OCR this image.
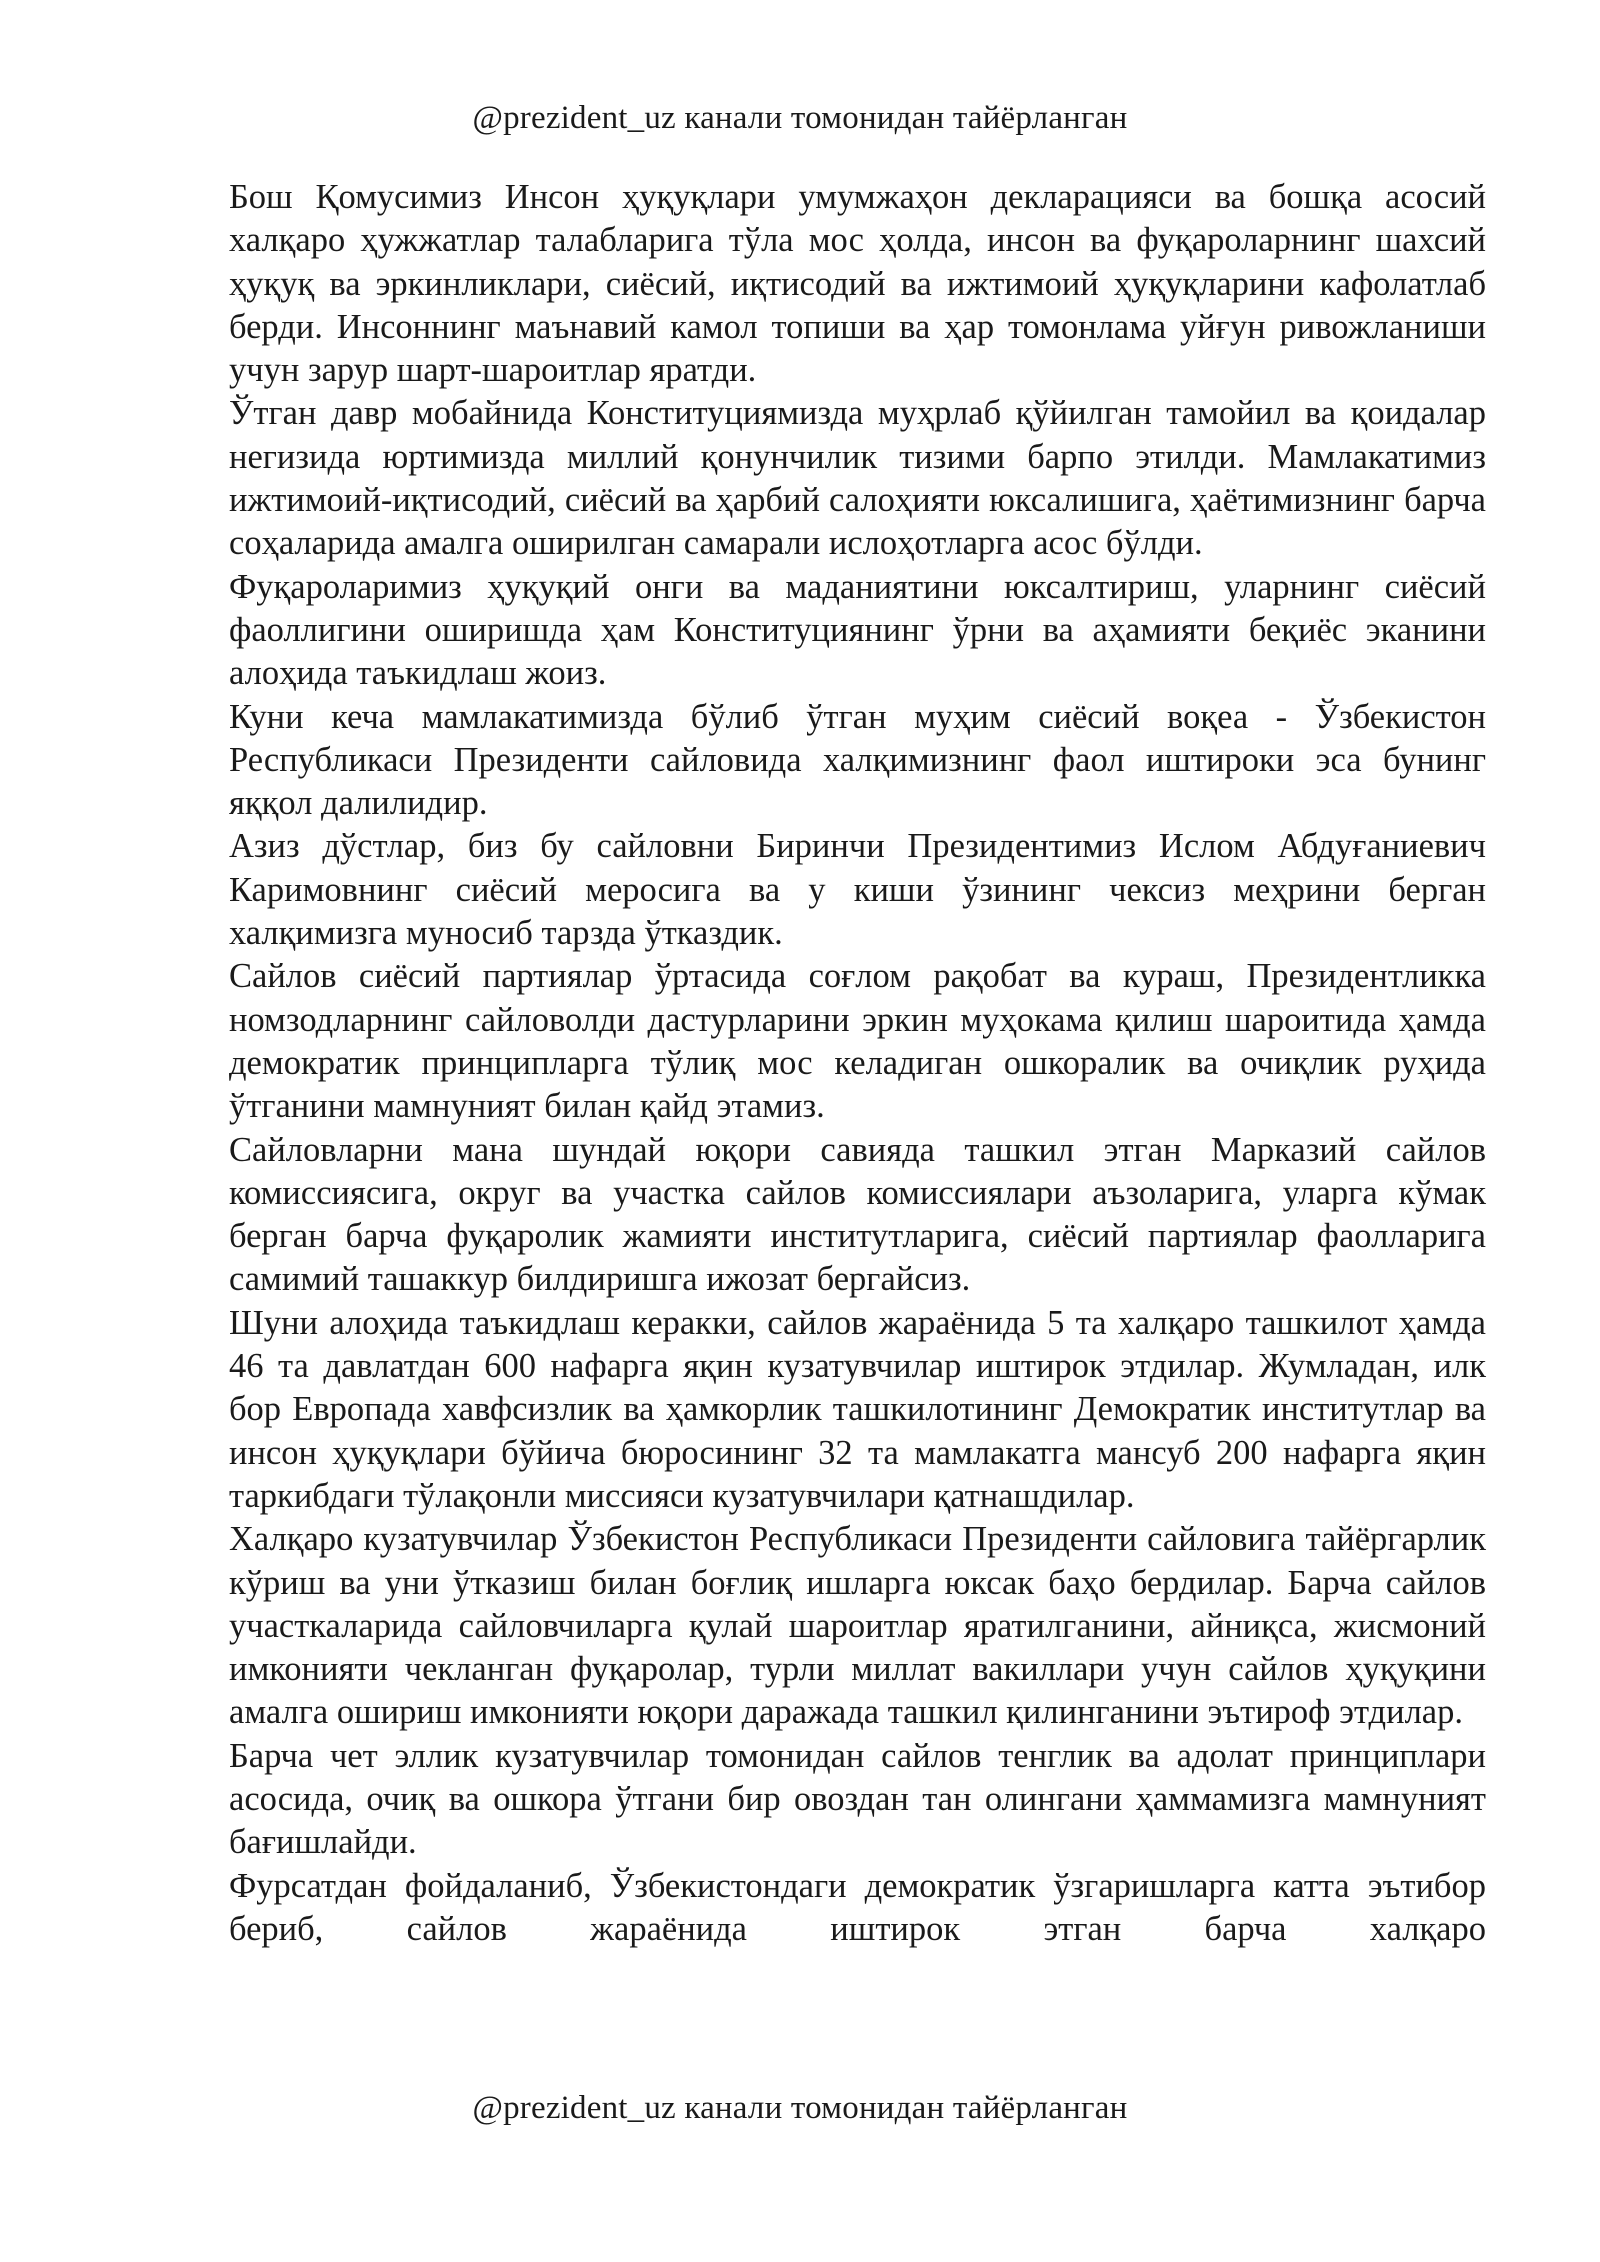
@prezident_uz канали томонидан тайёрланган

Бош Қомусимиз Инсон ҳуқуқлари умумжаҳон декларацияси ва бошқа асосий халқаро ҳужжатлар талабларига тўла мос ҳолда, инсон ва фуқароларнинг шахсий ҳуқуқ ва эркинликлари, сиёсий, иқтисодий ва ижтимоий ҳуқуқларини кафолатлаб берди. Инсоннинг маънавий камол топиши ва ҳар томонлама уйғун ривожланиши учун зарур шарт-шароитлар яратди.

Ўтган давр мобайнида Конституциямизда муҳрлаб қўйилган тамойил ва қоидалар негизида юртимизда миллий қонунчилик тизими барпо этилди. Мамлакатимиз ижтимоий-иқтисодий, сиёсий ва ҳарбий салоҳияти юксалишига, ҳаётимизнинг барча соҳаларида амалга оширилган самарали ислоҳотларга асос бўлди.

Фуқароларимиз ҳуқуқий онги ва маданиятини юксалтириш, уларнинг сиёсий фаоллигини оширишда ҳам Конституциянинг ўрни ва аҳамияти беқиёс эканини алоҳида таъкидлаш жоиз.

Куни кеча мамлакатимизда бўлиб ўтган муҳим сиёсий воқеа - Ўзбекистон Республикаси Президенти сайловида халқимизнинг фаол иштироки эса бунинг яққол далилидир.

Азиз дўстлар, биз бу сайловни Биринчи Президентимиз Ислом Абдуғаниевич Каримовнинг сиёсий меросига ва у киши ўзининг чексиз меҳрини берган халқимизга муносиб тарзда ўтказдик.

Сайлов сиёсий партиялар ўртасида соғлом рақобат ва кураш, Президентликка номзодларнинг сайловолди дастурларини эркин муҳокама қилиш шароитида ҳамда демократик принципларга тўлиқ мос келадиган ошкоралик ва очиқлик руҳида ўтганини мамнуният билан қайд этамиз.

Сайловларни мана шундай юқори савияда ташкил этган Марказий сайлов комиссиясига, округ ва участка сайлов комиссиялари аъзоларига, уларга кўмак берган барча фуқаролик жамияти институтларига, сиёсий партиялар фаолларига самимий ташаккур билдиришга ижозат бергайсиз.

Шуни алоҳида таъкидлаш керакки, сайлов жараёнида 5 та халқаро ташкилот ҳамда 46 та давлатдан 600 нафарга яқин кузатувчилар иштирок этдилар. Жумладан, илк бор Европада хавфсизлик ва ҳамкорлик ташкилотининг Демократик институтлар ва инсон ҳуқуқлари бўйича бюросининг 32 та мамлакатга мансуб 200 нафарга яқин таркибдаги тўлақонли миссияси кузатувчилари қатнашдилар.

Халқаро кузатувчилар Ўзбекистон Республикаси Президенти сайловига тайёргарлик кўриш ва уни ўтказиш билан боғлиқ ишларга юксак баҳо бердилар. Барча сайлов участкаларида сайловчиларга қулай шароитлар яратилганини, айниқса, жисмоний имконияти чекланган фуқаролар, турли миллат вакиллари учун сайлов ҳуқуқини амалга ошириш имконияти юқори даражада ташкил қилинганини эътироф этдилар.

Барча чет эллик кузатувчилар томонидан сайлов тенглик ва адолат принциплари асосида, очиқ ва ошкора ўтгани бир овоздан тан олингани ҳаммамизга мамнуният бағишлайди.

Фурсатдан фойдаланиб, Ўзбекистондаги демократик ўзгаришларга катта эътибор бериб, сайлов жараёнида иштирок этган барча халқаро

@prezident_uz канали томонидан тайёрланган
